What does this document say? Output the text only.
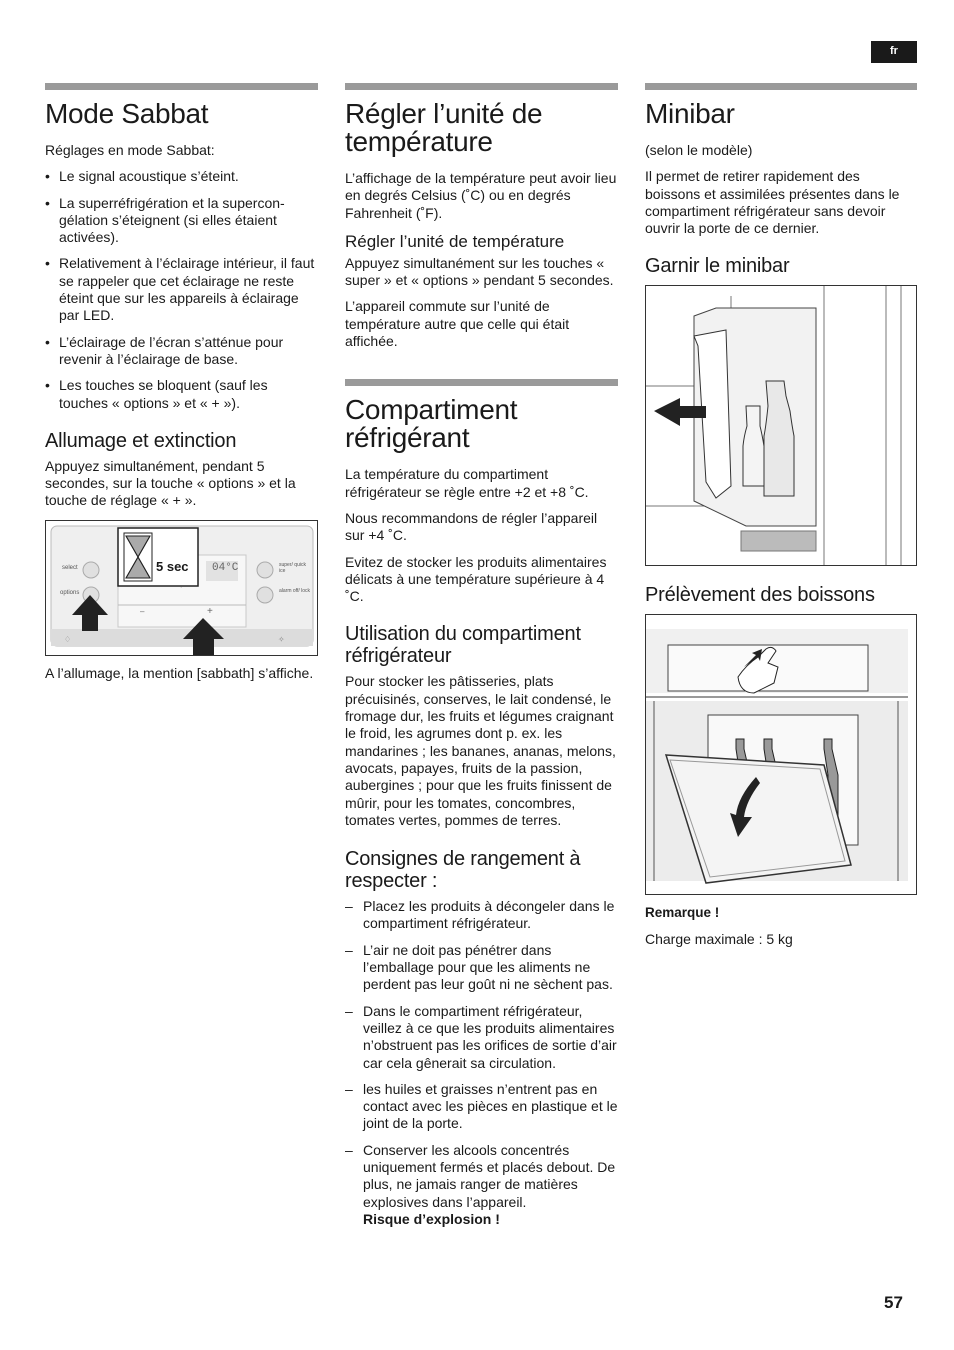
fr
Mode Sabbat

Réglages en mode Sabbat:

• Le signal acoustique s’éteint.
• La superréfrigération et la supercon-gélation s’éteignent (si elles étaient activées).
• Relativement à l’éclairage intérieur, il faut se rappeler que cet éclairage ne reste éteint que sur les appareils à éclairage par LED.
• L’éclairage de l’écran s’atténue pour revenir à l’éclairage de base.
• Les touches se bloquent (sauf les touches « options » et « + »).
Allumage et extinction

Appuyez simultanément, pendant 5 secondes, sur la touche « options » et la touche de réglage « + ».

·
♢	✧
5 sec
select
options
04°C	super/ quick ice
alarm off/ lock
–	+

A l’allumage, la mention [sabbath] s’affiche.

Régler l’unité de température

L’affichage de la température peut avoir lieu en degrés Celsius (˚C) ou en degrés Fahrenheit (˚F).

Régler l’unité de température

Appuyez simultanément sur les touches « super » et « options » pendant 5 secondes.

L’appareil commute sur l’unité de température autre que celle qui était affichée.

Compartiment réfrigérant

La température du compartiment réfrigérateur se règle entre +2 et +8 ˚C.

Nous recommandons de régler l’appareil sur +4 ˚C.

Evitez de stocker les produits alimentaires délicats à une température supérieure à 4 ˚C.

Utilisation du compartiment réfrigérateur

Pour stocker les pâtisseries, plats précuisinés, conserves, le lait condensé, le fromage dur, les fruits et légumes craignant le froid, les agrumes dont p. ex. les mandarines ; les bananes, ananas, melons, avocats, papayes, fruits de la passion, aubergines ; pour que les fruits finissent de mûrir, pour les tomates, concombres, tomates vertes, pommes de terres.

Consignes de rangement à respecter :
– Placez les produits à décongeler dans le compartiment réfrigérateur.
– L’air ne doit pas pénétrer dans l’emballage pour que les aliments ne perdent pas leur goût ni ne sèchent pas.
– Dans le compartiment réfrigérateur, veillez à ce que les produits alimentaires n’obstruent pas les orifices de sortie d’air car cela gênerait sa circulation.
– les huiles et graisses n’entrent pas en contact avec les pièces en plastique et le joint de la porte.
– Conserver les alcools concentrés uniquement fermés et placés debout. De plus, ne jamais ranger de matières explosives dans l’appareil.
Risque d’explosion !
Minibar

(selon le modèle)

Il permet de retirer rapidement des boissons et assimilées présentes dans le compartiment réfrigérateur sans devoir ouvrir la porte de ce dernier.

Garnir le minibar
Prélèvement des boissons

Remarque !

Charge maximale : 5 kg

57
